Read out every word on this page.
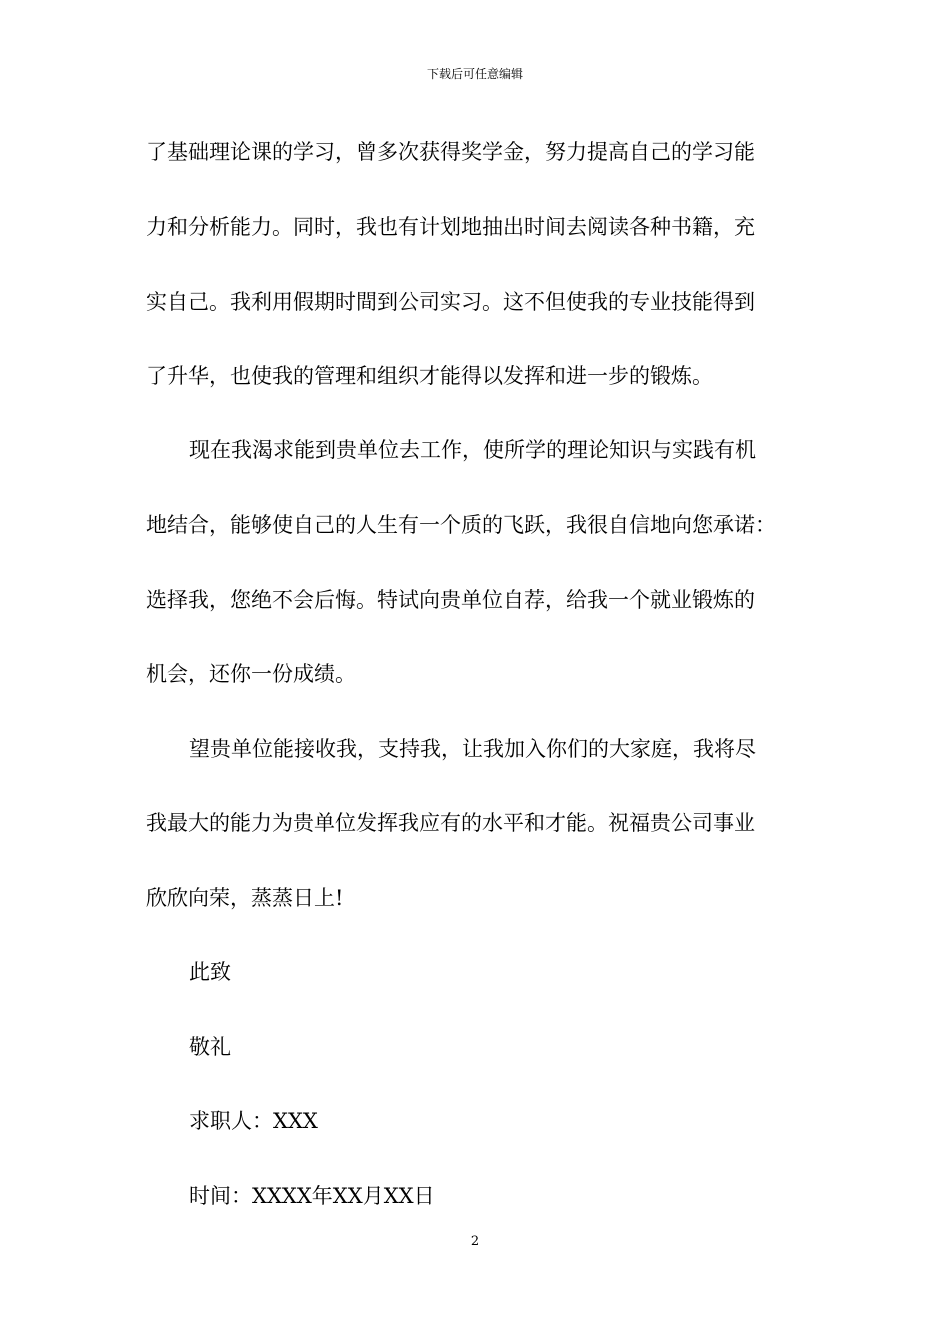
下载后可任意编辑
了基础理论课的学习，曾多次获得奖学金，努力提高自己的学习能
力和分析能力。同时，我也有计划地抽出时间去阅读各种书籍，充
实自己。我利用假期时間到公司实习。这不但使我的专业技能得到
了升华，也使我的管理和组织才能得以发挥和进一步的锻炼。
现在我渴求能到贵单位去工作，使所学的理论知识与实践有机
地结合，能够使自己的人生有一个质的飞跃，我很自信地向您承诺：
选择我，您绝不会后悔。特试向贵单位自荐，给我一个就业锻炼的
机会，还你一份成绩。
望贵单位能接收我，支持我，让我加入你们的大家庭，我将尽
我最大的能力为贵单位发挥我应有的水平和才能。祝福贵公司事业
欣欣向荣，蒸蒸日上!
此致
敬礼
求职人：XXX
时间：XXXX年XX月XX日
2
